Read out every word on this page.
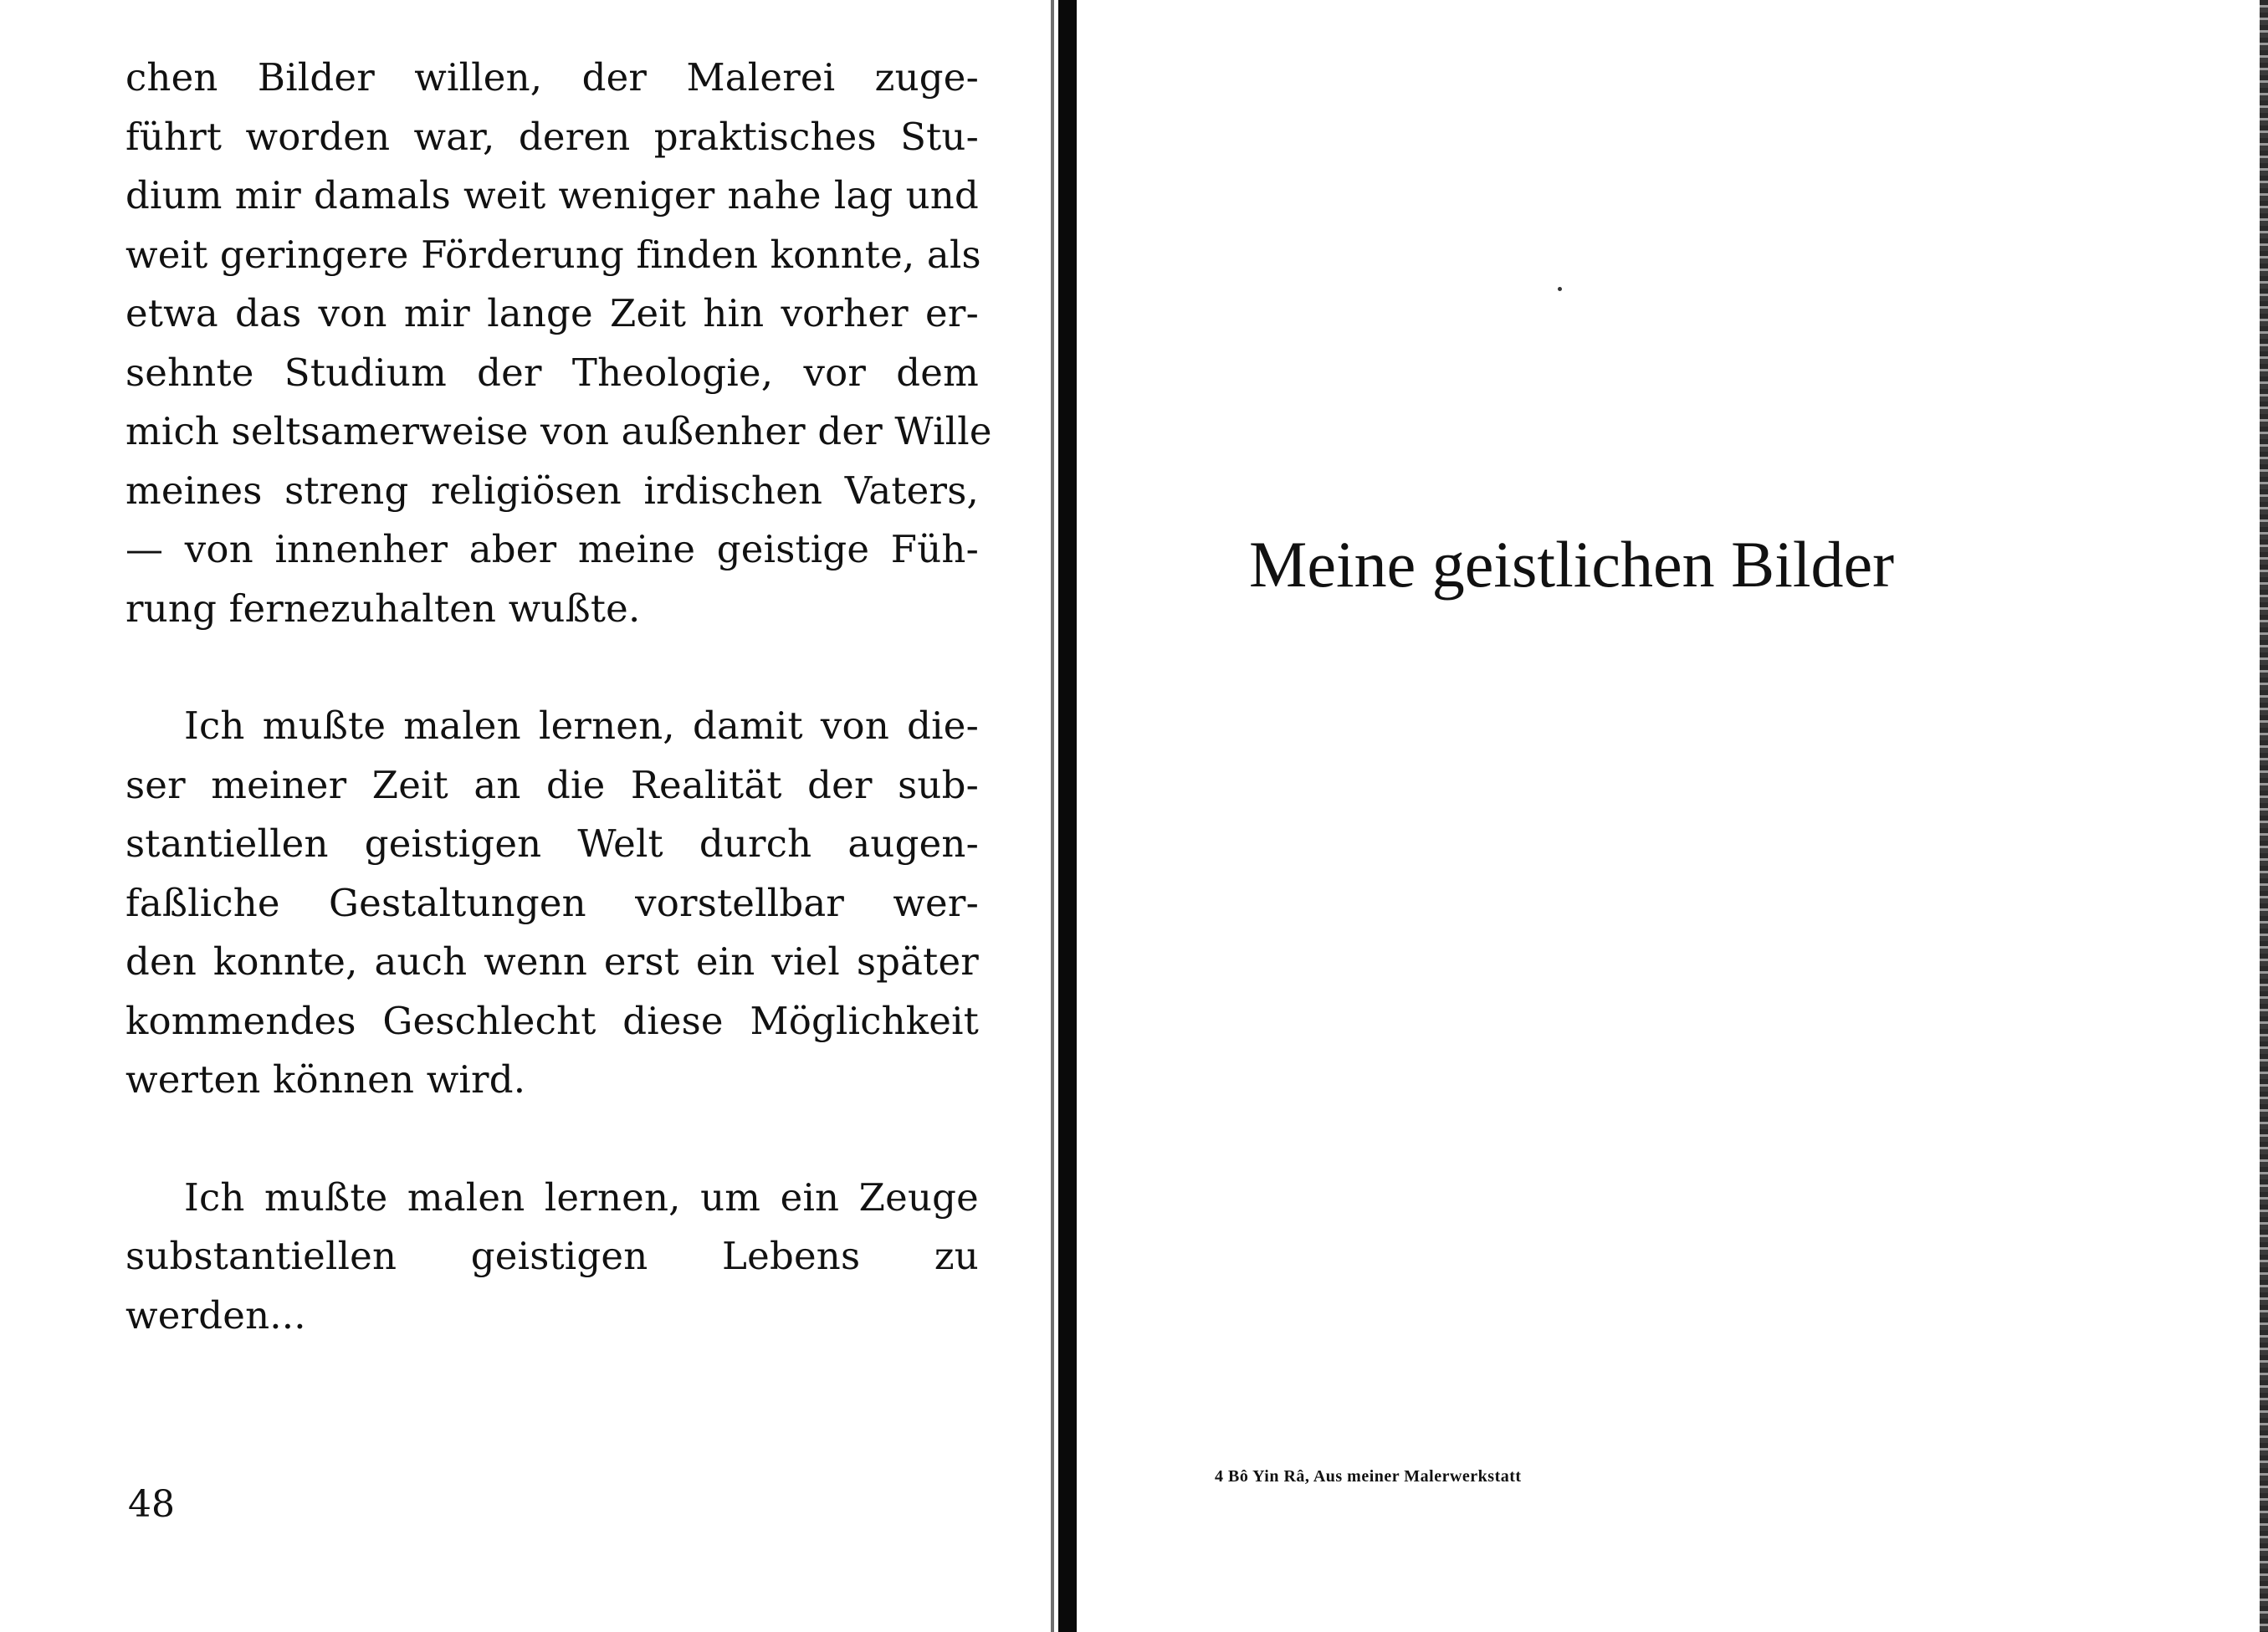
chen Bilder willen, der Malerei zuge-
führt worden war, deren praktisches Stu-
dium mir damals weit weniger nahe lag und
weit geringere Förderung finden konnte, als
etwa das von mir lange Zeit hin vorher er-
sehnte Studium der Theologie, vor dem
mich seltsamerweise von außenher der Wille
meines streng religiösen irdischen Vaters,
— von innenher aber meine geistige Füh-
rung fernezuhalten wußte.
Ich mußte malen lernen, damit von die-
ser meiner Zeit an die Realität der sub-
stantiellen geistigen Welt durch augen-
faßliche Gestaltungen vorstellbar wer-
den konnte, auch wenn erst ein viel später
kommendes Geschlecht diese Möglichkeit
werten können wird.
Ich mußte malen lernen, um ein Zeuge
substantiellen geistigen Lebens zu
werden...
48
Meine geistlichen Bilder
4 Bô Yin Râ, Aus meiner Malerwerkstatt
